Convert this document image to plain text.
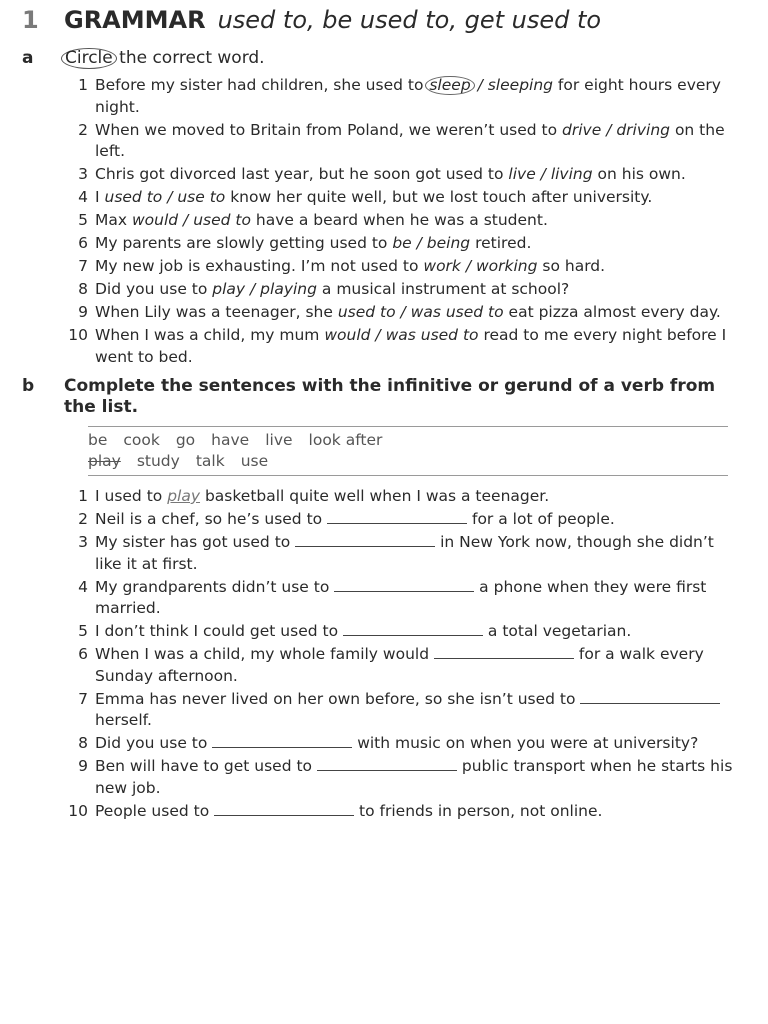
1	GRAMMAR used to, be used to, get used to
a	Circle the correct word.
1 Before my sister had children, she used to sleep / sleeping for eight hours every night.
2 When we moved to Britain from Poland, we weren’t used to drive / driving on the left.
3 Chris got divorced last year, but he soon got used to live / living on his own.
4 I used to / use to know her quite well, but we lost touch after university.
5 Max would / used to have a beard when he was a student.
6 My parents are slowly getting used to be / being retired.
7 My new job is exhausting. I’m not used to work / working so hard.
8 Did you use to play / playing a musical instrument at school?
9 When Lily was a teenager, she used to / was used to eat pizza almost every day.
10 When I was a child, my mum would / was used to read to me every night before I went to bed.
b	Complete the sentences with the infinitive or gerund of a verb from the list.
be cook go have live look after
play study talk use
1 I used to play basketball quite well when I was a teenager.
2 Neil is a chef, so he’s used to	for a lot of people.
3 My sister has got used to	in New York now, though she didn’t like it at first.
4 My grandparents didn’t use to	a phone when they were first married.
5 I don’t think I could get used to	a total vegetarian.
6 When I was a child, my whole family would	for a walk every Sunday afternoon.
7 Emma has never lived on her own before, so she isn’t used to  herself.
8 Did you use to	with music on when you were at university?
9 Ben will have to get used to	public transport when he starts his new job.
10 People used to	to friends in person, not online.
